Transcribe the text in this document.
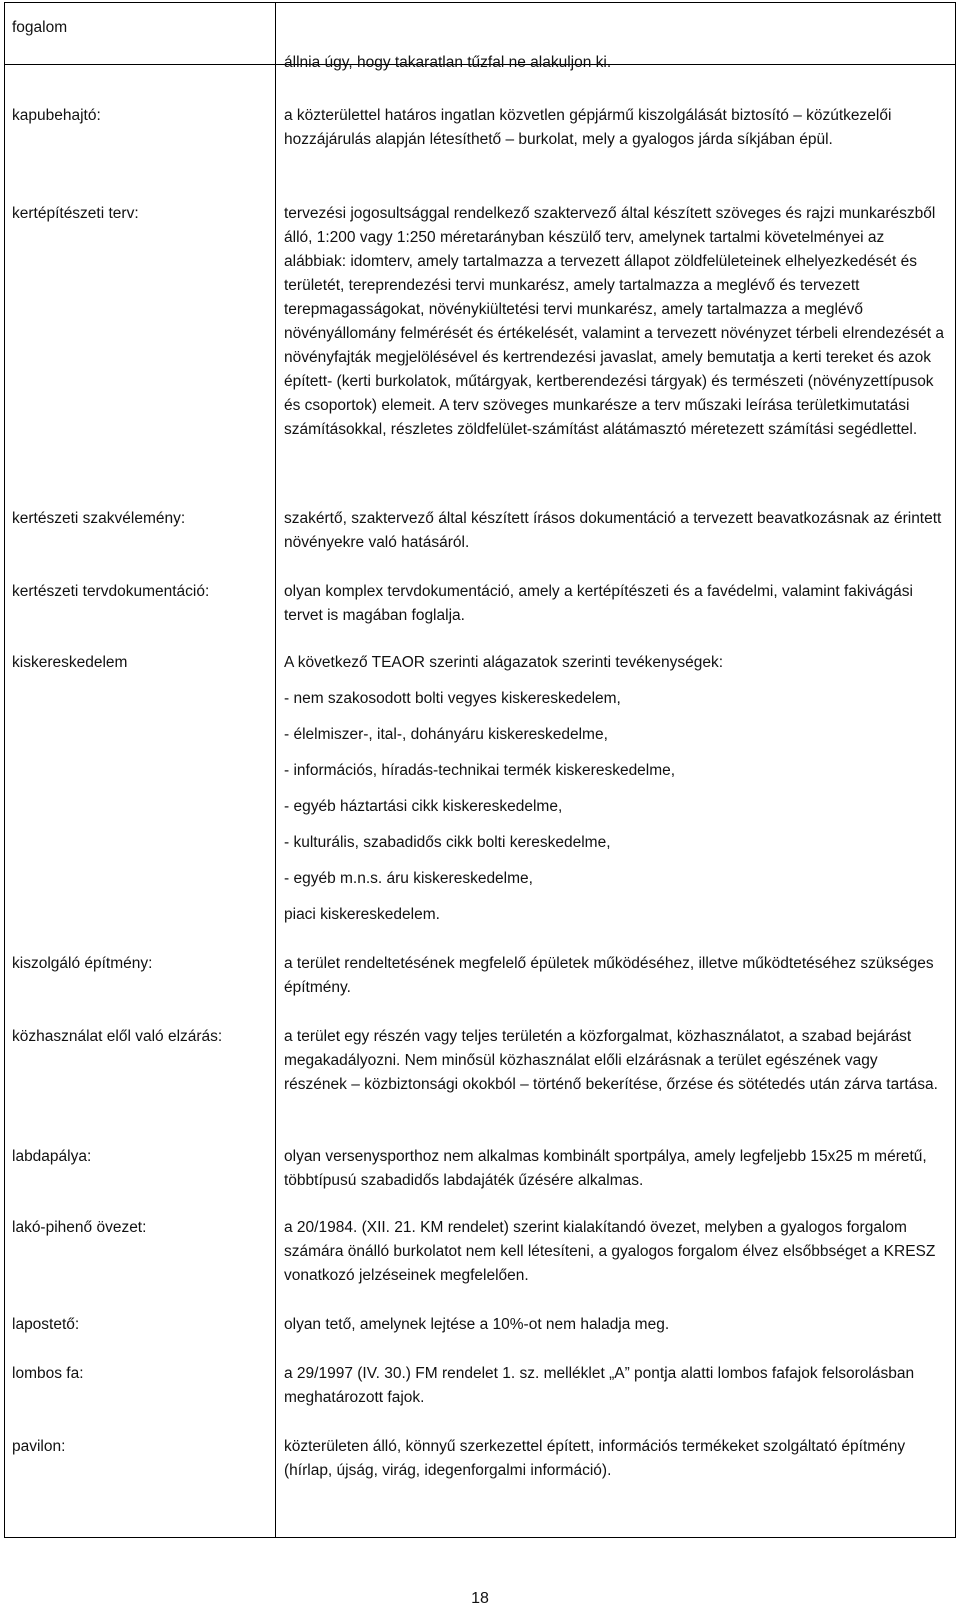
fogalom

állnia úgy, hogy takaratlan tűzfal ne alakuljon ki.

kapubehajtó:	a közterülettel határos ingatlan közvetlen gépjármű kiszolgálását biztosító – közútkezelői hozzájárulás alapján létesíthető – burkolat, mely a gyalogos járda síkjában épül.

kertépítészeti terv:	tervezési jogosultsággal rendelkező szaktervező által készített szöveges és rajzi munkarészből álló, 1:200 vagy 1:250 méretarányban készülő terv, amelynek tartalmi követelményei az alábbiak: idomterv, amely tartalmazza a tervezett állapot zöldfelületeinek elhelyezkedését és területét, tereprendezési tervi munkarész, amely tartalmazza a meglévő és tervezett terepmagasságokat, növénykiültetési tervi munkarész, amely tartalmazza a meglévő növényállomány felmérését és értékelését, valamint a tervezett növényzet térbeli elrendezését a növényfajták megjelölésével és kertrendezési javaslat, amely bemutatja a kerti tereket és azok épített- (kerti burkolatok, műtárgyak, kertberendezési tárgyak) és természeti (növényzettípusok és csoportok) elemeit. A terv szöveges munkarésze a terv műszaki leírása területkimutatási számításokkal, részletes zöldfelület-számítást alátámasztó méretezett számítási segédlettel.

kertészeti szakvélemény:	szakértő, szaktervező által készített írásos dokumentáció a tervezett beavatkozásnak az érintett növényekre való hatásáról.

kertészeti tervdokumentáció:	olyan komplex tervdokumentáció, amely a kertépítészeti és a favédelmi, valamint fakivágási tervet is magában foglalja.

kiskereskedelem	A következő TEAOR szerinti alágazatok szerinti tevékenységek:

- nem szakosodott bolti vegyes kiskereskedelem,

- élelmiszer-, ital-, dohányáru kiskereskedelme,

- információs, híradás-technikai termék kiskereskedelme,

- egyéb háztartási cikk kiskereskedelme,

- kulturális, szabadidős cikk bolti kereskedelme,

- egyéb m.n.s. áru kiskereskedelme,

piaci kiskereskedelem.

kiszolgáló építmény:	a terület rendeltetésének megfelelő épületek működéséhez, illetve működtetéséhez szükséges építmény.

közhasználat elől való elzárás:	a terület egy részén vagy teljes területén a közforgalmat, közhasználatot, a szabad bejárást megakadályozni. Nem minősül közhasználat előli elzárásnak a terület egészének vagy részének – közbiztonsági okokból – történő bekerítése, őrzése és sötétedés után zárva tartása.

labdapálya:	olyan versenysporthoz nem alkalmas kombinált sportpálya, amely legfeljebb 15x25 m méretű, többtípusú szabadidős labdajáték űzésére alkalmas.

lakó-pihenő övezet:	a 20/1984. (XII. 21. KM rendelet) szerint kialakítandó övezet, melyben a gyalogos forgalom számára önálló burkolatot nem kell létesíteni, a gyalogos forgalom élvez elsőbbséget a KRESZ vonatkozó jelzéseinek megfelelően.

lapostető:	olyan tető, amelynek lejtése a 10%-ot nem haladja meg.

lombos fa:	a 29/1997 (IV. 30.) FM rendelet 1. sz. melléklet „A” pontja alatti lombos fafajok felsorolásban meghatározott fajok.

pavilon:	közterületen álló, könnyű szerkezettel épített, információs termékeket szolgáltató építmény (hírlap, újság, virág, idegenforgalmi információ).

18
